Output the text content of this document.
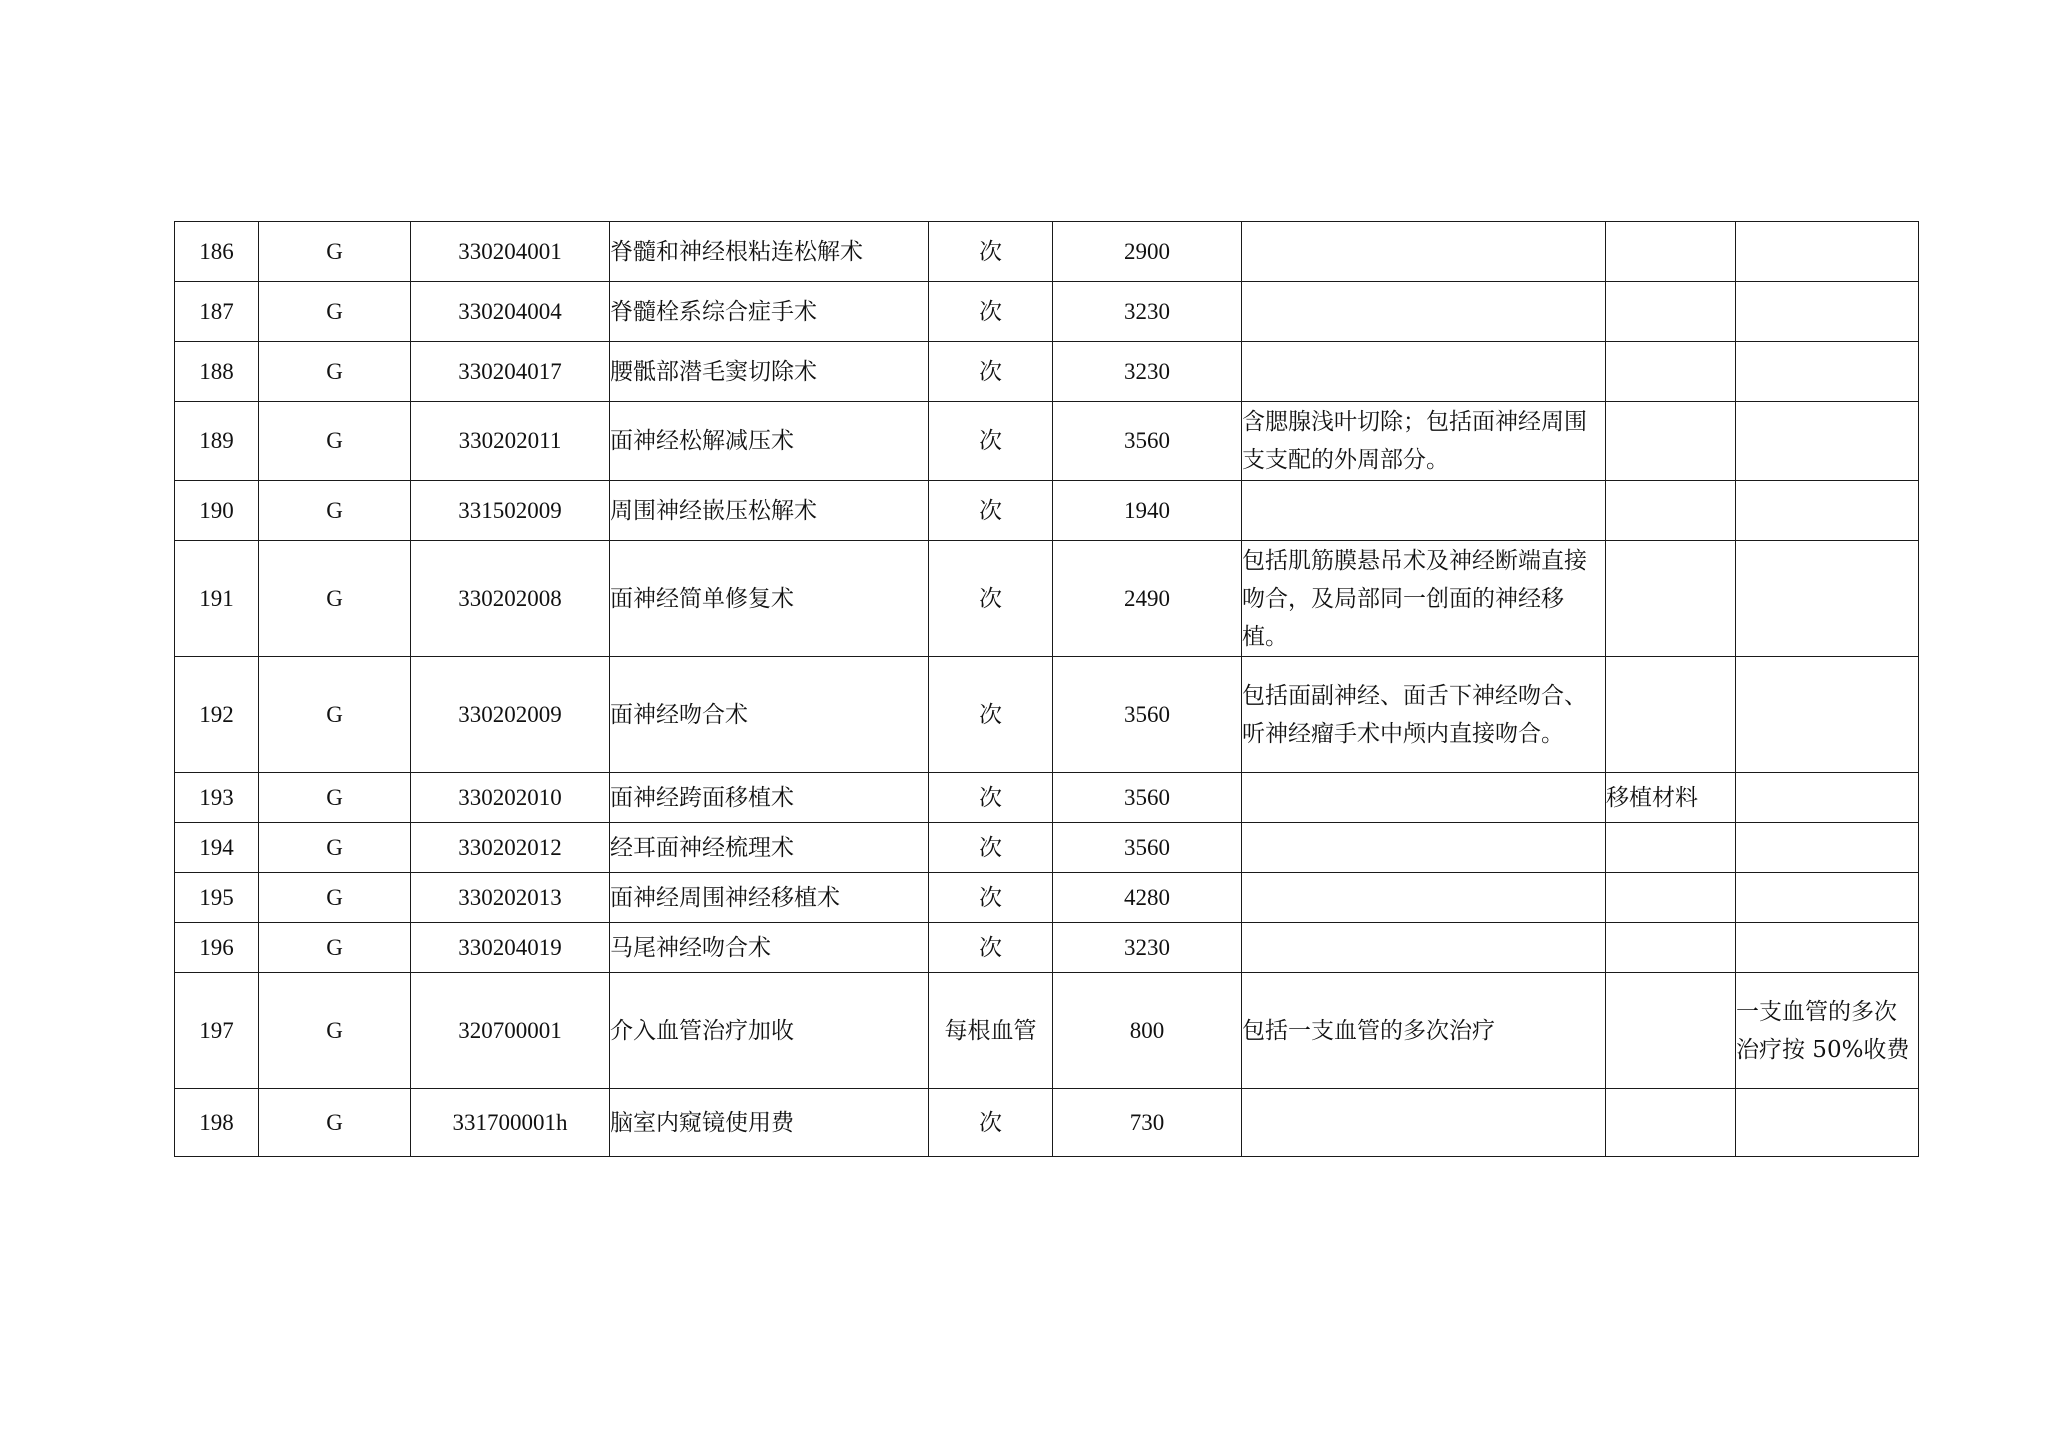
186	G	330204001	脊髓和神经根粘连松解术	次	2900			
187	G	330204004	脊髓栓系综合症手术	次	3230			
188	G	330204017	腰骶部潜毛窦切除术	次	3230			
189	G	330202011	面神经松解减压术	次	3560	含腮腺浅叶切除；包括面神经周围支支配的外周部分。		
190	G	331502009	周围神经嵌压松解术	次	1940			
191	G	330202008	面神经简单修复术	次	2490	包括肌筋膜悬吊术及神经断端直接吻合，及局部同一创面的神经移植。		
192	G	330202009	面神经吻合术	次	3560	包括面副神经、面舌下神经吻合、听神经瘤手术中颅内直接吻合。		
193	G	330202010	面神经跨面移植术	次	3560		移植材料	
194	G	330202012	经耳面神经梳理术	次	3560			
195	G	330202013	面神经周围神经移植术	次	4280			
196	G	330204019	马尾神经吻合术	次	3230			
197	G	320700001	介入血管治疗加收	每根血管	800	包括一支血管的多次治疗		一支血管的多次治疗按 50%收费
198	G	331700001h	脑室内窥镜使用费	次	730			
